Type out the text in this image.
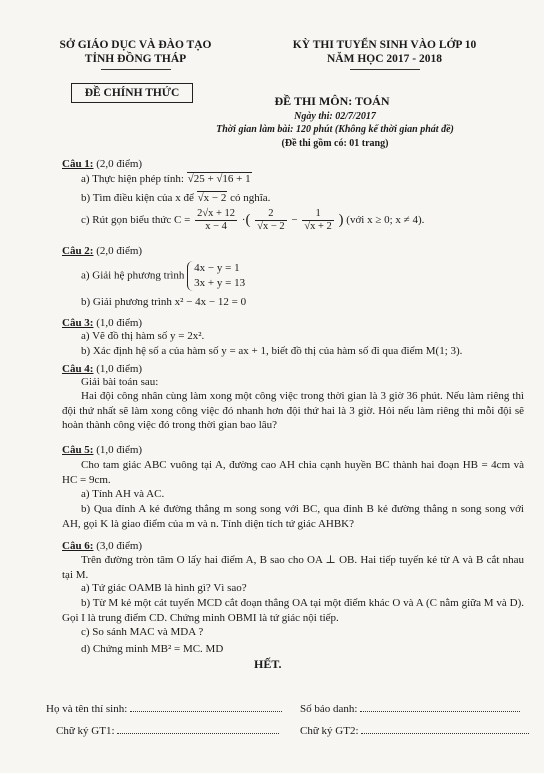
SỞ GIÁO DỤC VÀ ĐÀO TẠO
TỈNH ĐỒNG THÁP
KỲ THI TUYỂN SINH VÀO LỚP 10
NĂM HỌC 2017 - 2018
ĐỀ CHÍNH THỨC
ĐỀ THI MÔN: TOÁN
Ngày thi: 02/7/2017
Thời gian làm bài: 120 phút (Không kể thời gian phát đề)
(Đề thi gồm có: 01 trang)
Câu 1: (2,0 điểm)
a) Thực hiện phép tính: √25 + √16 + 1
b) Tìm điều kiện của x để √x − 2 có nghĩa.
c) Rút gọn biểu thức $C = \frac{2√x + 12}{x - 4}$ ·( $\frac{2}{√x - 2} - \frac{1}{√x + 2}$ ) (với x ≥ 0; x ≠ 4).
Câu 2: (2,0 điểm)
a) Giải hệ phương trình
4x − y = 1
3x + y = 13
b) Giải phương trình x² − 4x − 12 = 0
Câu 3: (1,0 điểm)
a) Vẽ đồ thị hàm số y = 2x².
b) Xác định hệ số a của hàm số y = ax + 1, biết đồ thị của hàm số đi qua điểm M(1; 3).
Câu 4: (1,0 điểm)
Giải bài toán sau:
Hai đội công nhân cùng làm xong một công việc trong thời gian là 3 giờ 36 phút. Nếu làm riêng thì đội thứ nhất sẽ làm xong công việc đó nhanh hơn đội thứ hai là 3 giờ. Hỏi nếu làm riêng thì mỗi đội sẽ hoàn thành công việc đó trong thời gian bao lâu?
Câu 5: (1,0 điểm)
Cho tam giác ABC vuông tại A, đường cao AH chia cạnh huyền BC thành hai đoạn HB = 4cm và HC = 9cm.
a) Tính AH và AC.
b) Qua đỉnh A kẻ đường thẳng m song song với BC, qua đỉnh B kẻ đường thẳng n song song với AH, gọi K là giao điểm của m và n. Tính diện tích tứ giác AHBK?
Câu 6: (3,0 điểm)
Trên đường tròn tâm O lấy hai điểm A, B sao cho OA ⊥ OB. Hai tiếp tuyến kẻ từ A và B cắt nhau tại M.
a) Tứ giác OAMB là hình gì? Vì sao?
b) Từ M kẻ một cát tuyến MCD cắt đoạn thẳng OA tại một điểm khác O và A (C nằm giữa M và D). Gọi I là trung điểm CD. Chứng minh OBMI là tứ giác nội tiếp.
c) So sánh MAC và MDA ?
d) Chứng minh MB² = MC. MD
HẾT.
Họ và tên thí sinh:	Số báo danh:
Chữ ký GT1:	Chữ ký GT2:
